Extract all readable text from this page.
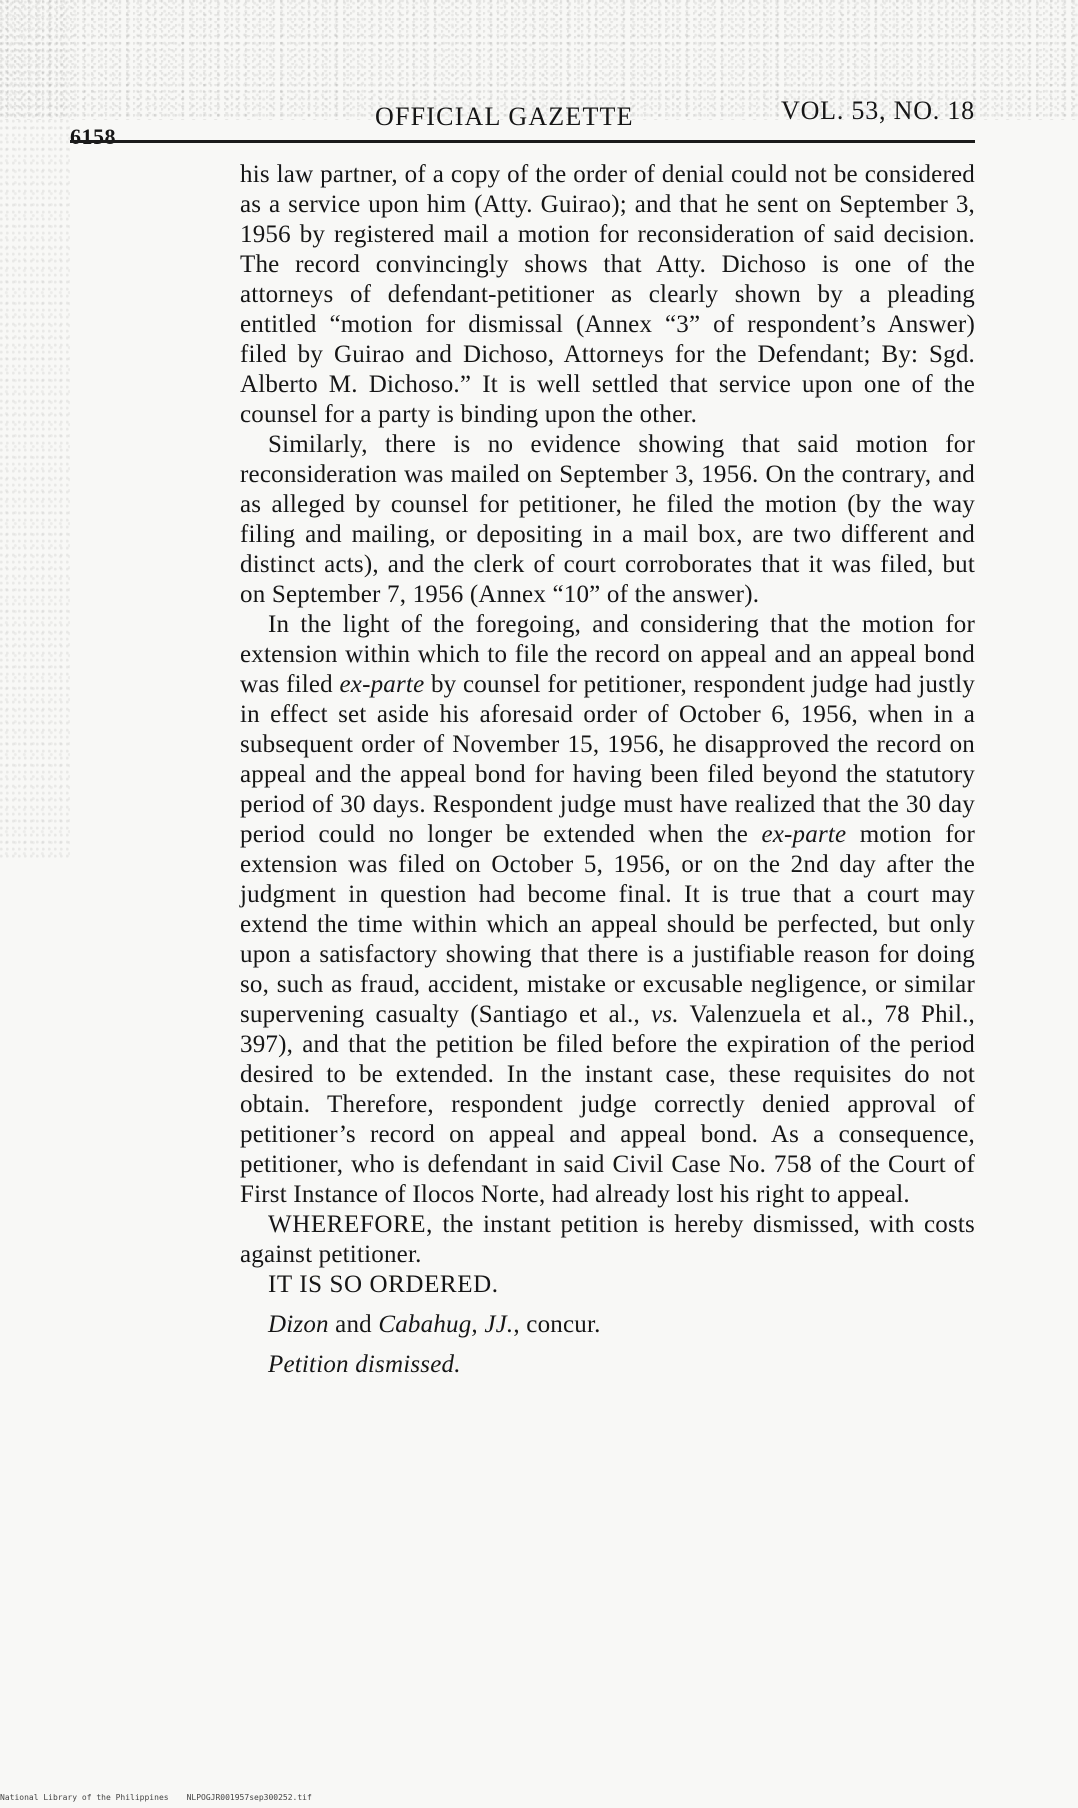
6158
OFFICIAL GAZETTE	VOL. 53, NO. 18

his law partner, of a copy of the order of denial could not be considered as a service upon him (Atty. Guirao); and that he sent on September 3, 1956 by registered mail a motion for reconsideration of said decision. The record convincingly shows that Atty. Dichoso is one of the attorneys of defendant-petitioner as clearly shown by a pleading entitled “motion for dismissal (Annex “3” of respondent’s Answer) filed by Guirao and Dichoso, Attorneys for the Defendant; By: Sgd. Alberto M. Dichoso.” It is well settled that service upon one of the counsel for a party is binding upon the other.

Similarly, there is no evidence showing that said motion for reconsideration was mailed on September 3, 1956. On the contrary, and as alleged by counsel for petitioner, he filed the motion (by the way filing and mailing, or depositing in a mail box, are two different and distinct acts), and the clerk of court corroborates that it was filed, but on September 7, 1956 (Annex “10” of the answer).

In the light of the foregoing, and considering that the motion for extension within which to file the record on appeal and an appeal bond was filed ex-parte by counsel for petitioner, respondent judge had justly in effect set aside his aforesaid order of October 6, 1956, when in a subsequent order of November 15, 1956, he disapproved the record on appeal and the appeal bond for having been filed beyond the statutory period of 30 days. Respondent judge must have realized that the 30 day period could no longer be extended when the ex-parte motion for extension was filed on October 5, 1956, or on the 2nd day after the judgment in question had become final. It is true that a court may extend the time within which an appeal should be perfected, but only upon a satisfactory showing that there is a justifiable reason for doing so, such as fraud, accident, mistake or excusable negligence, or similar supervening casualty (Santiago et al., vs. Valenzuela et al., 78 Phil., 397), and that the petition be filed before the expiration of the period desired to be extended. In the instant case, these requisites do not obtain. Therefore, respondent judge correctly denied approval of petitioner’s record on appeal and appeal bond. As a consequence, petitioner, who is defendant in said Civil Case No. 758 of the Court of First Instance of Ilocos Norte, had already lost his right to appeal.

WHEREFORE, the instant petition is hereby dismissed, with costs against petitioner.

IT IS SO ORDERED.
Dizon and Cabahug, JJ., concur.
Petition dismissed.
National Library of the Philippines NLPOGJR001957sep300252.tif
